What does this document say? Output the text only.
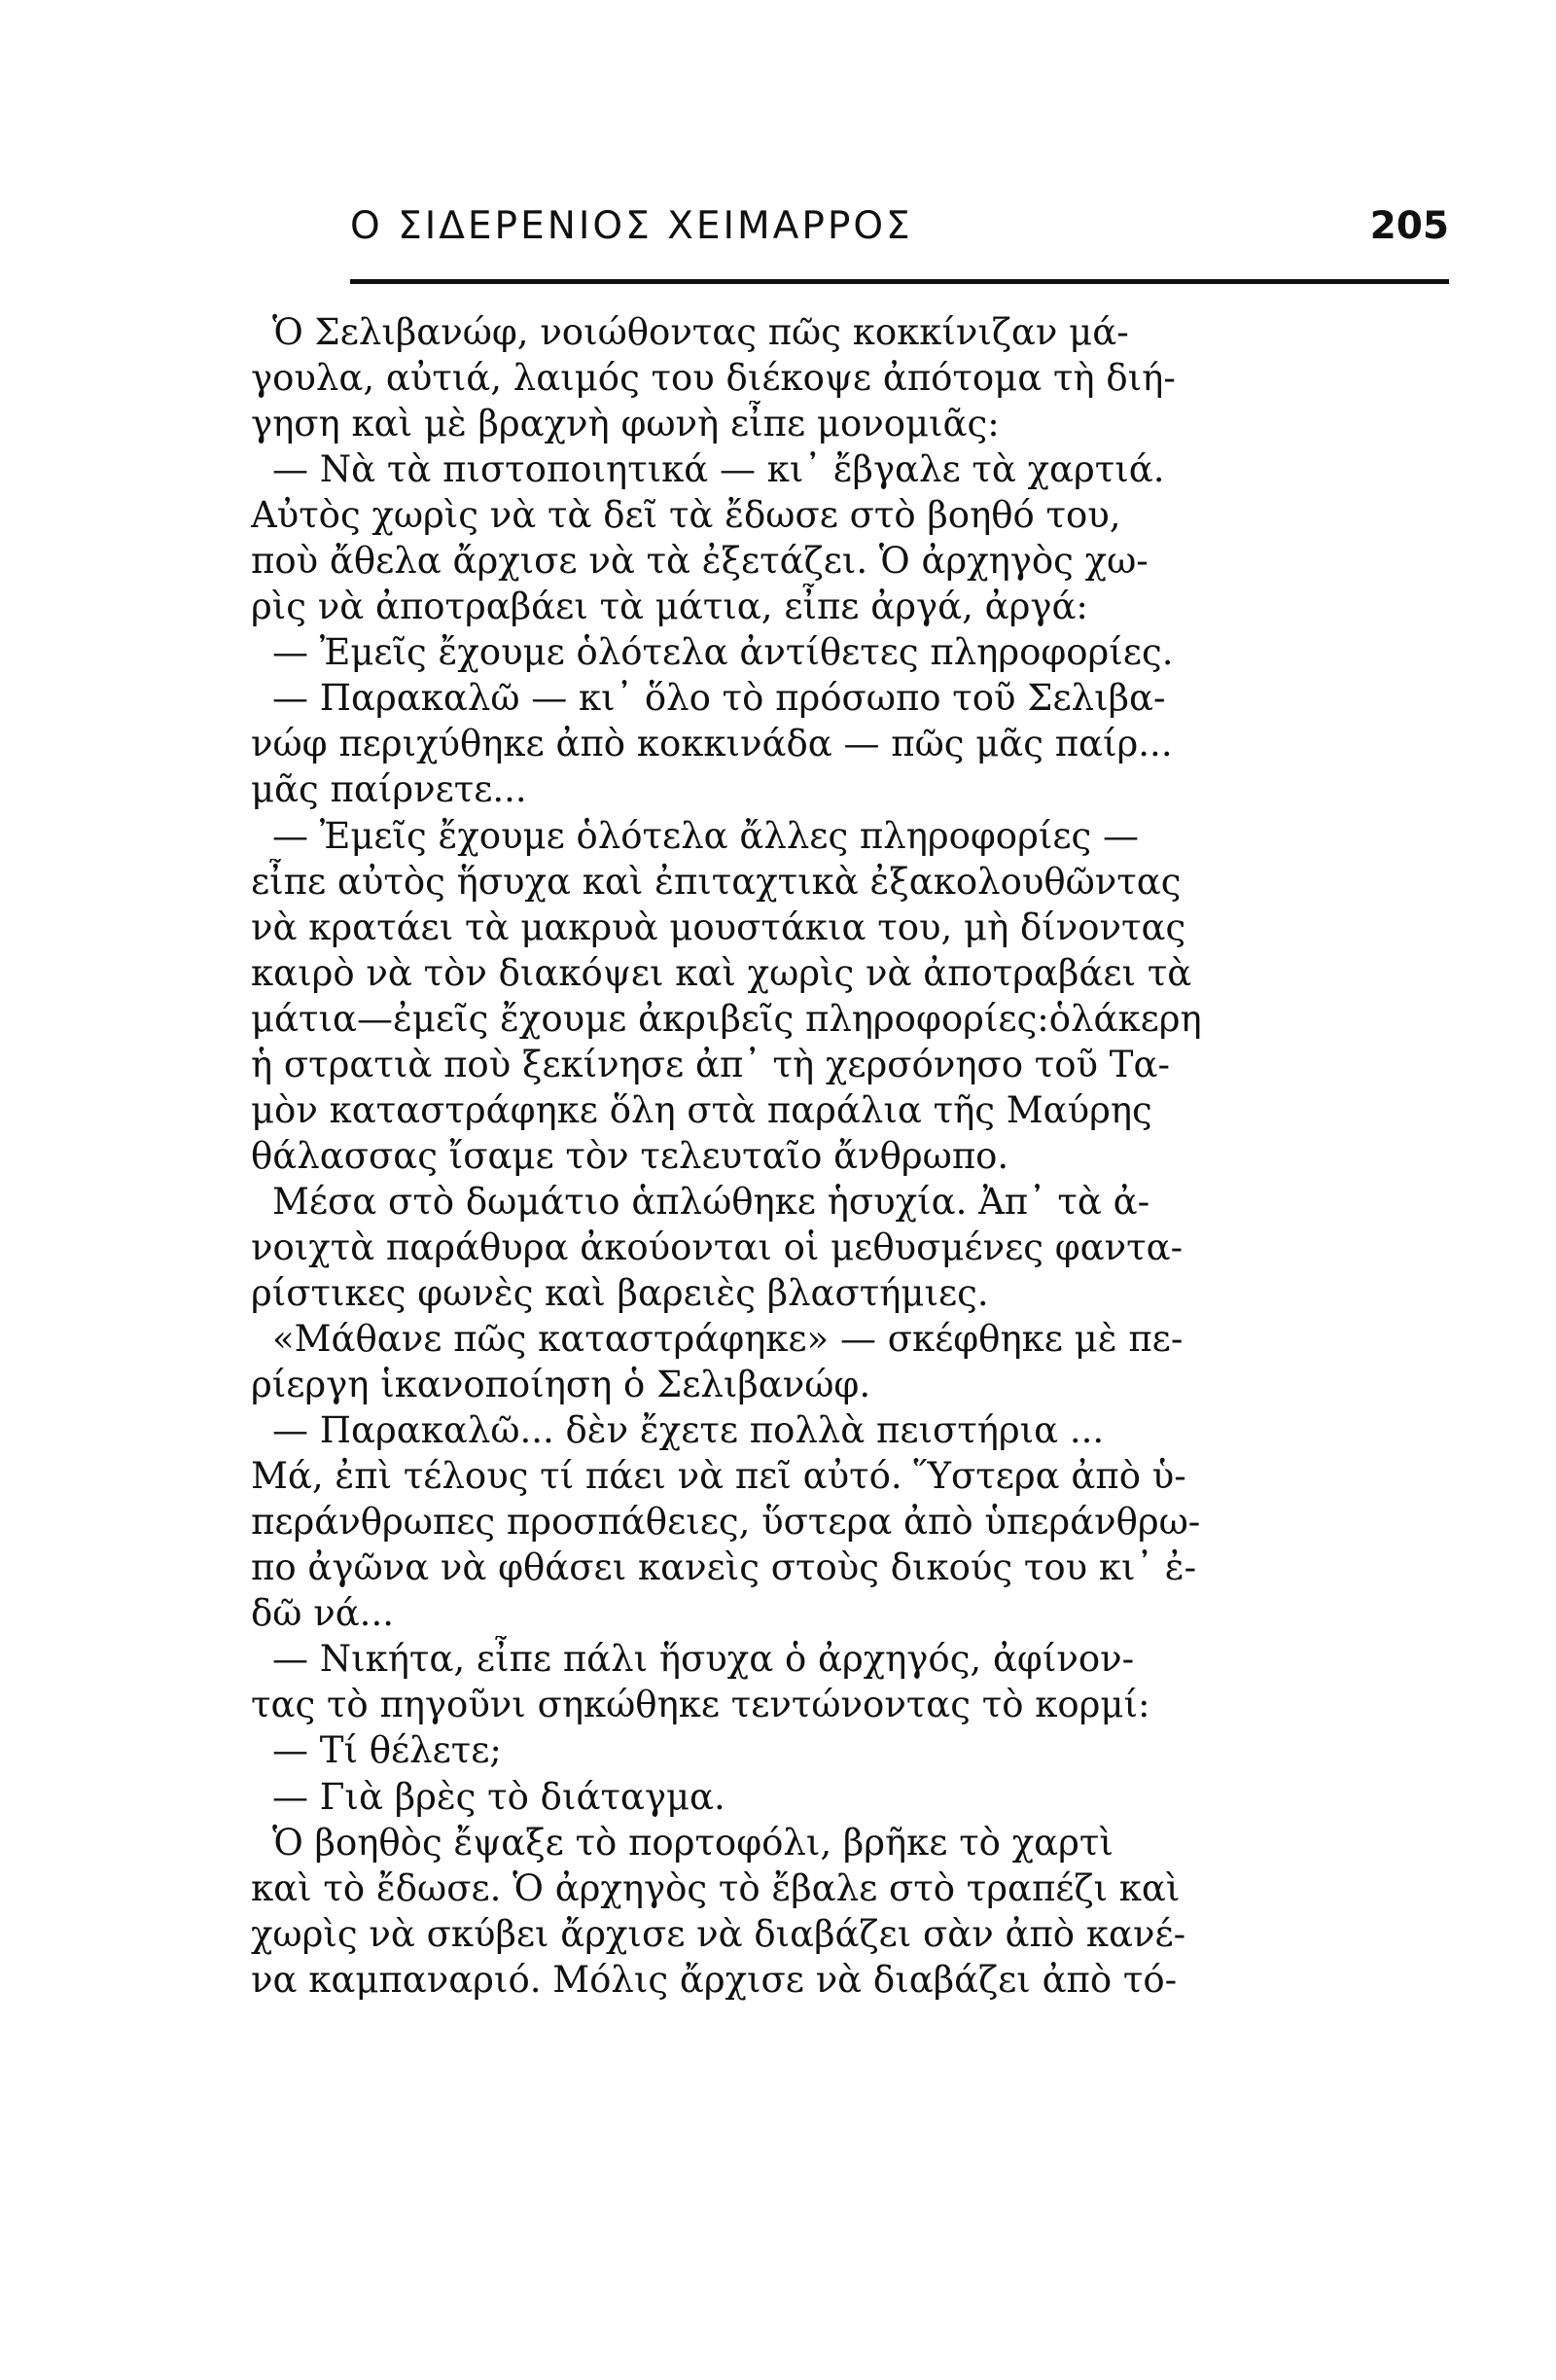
Ο ΣΙΔΕΡΕΝΙΟΣ ΧΕΙΜΑΡΡΟΣ	205
Ὁ Σελιβανώφ, νοιώθοντας πῶς κοκκίνιζαν μά-
γουλα, αὐτιά, λαιμός του διέκοψε ἀπότομα τὴ διή-
γηση καὶ μὲ βραχνὴ φωνὴ εἶπε μονομιᾶς:
— Νὰ τὰ πιστοποιητικά — κι᾽ ἔβγαλε τὰ χαρτιά.
Αὐτὸς χωρὶς νὰ τὰ δεῖ τὰ ἔδωσε στὸ βοηθό του,
ποὺ ἄθελα ἄρχισε νὰ τὰ ἐξετάζει. Ὁ ἀρχηγὸς χω-
ρὶς νὰ ἀποτραβάει τὰ μάτια, εἶπε ἀργά, ἀργά:
— Ἐμεῖς ἔχουμε ὁλότελα ἀντίθετες πληροφορίες.
— Παρακαλῶ — κι᾽ ὅλο τὸ πρόσωπο τοῦ Σελιβα-
νώφ περιχύθηκε ἀπὸ κοκκινάδα — πῶς μᾶς παίρ...
μᾶς παίρνετε...
— Ἐμεῖς ἔχουμε ὁλότελα ἄλλες πληροφορίες —
εἶπε αὐτὸς ἥσυχα καὶ ἐπιταχτικὰ ἐξακολουθῶντας
νὰ κρατάει τὰ μακρυὰ μουστάκια του, μὴ δίνοντας
καιρὸ νὰ τὸν διακόψει καὶ χωρὶς νὰ ἀποτραβάει τὰ
μάτια—ἐμεῖς ἔχουμε ἀκριβεῖς πληροφορίες:ὁλάκερη
ἡ στρατιὰ ποὺ ξεκίνησε ἀπ᾽ τὴ χερσόνησο τοῦ Τα-
μὸν καταστράφηκε ὅλη στὰ παράλια τῆς Μαύρης
θάλασσας ἴσαμε τὸν τελευταῖο ἄνθρωπο.
Μέσα στὸ δωμάτιο ἁπλώθηκε ἡσυχία. Ἀπ᾽ τὰ ἀ-
νοιχτὰ παράθυρα ἀκούονται οἱ μεθυσμένες φαντα-
ρίστικες φωνὲς καὶ βαρειὲς βλαστήμιες.
«Μάθανε πῶς καταστράφηκε» — σκέφθηκε μὲ πε-
ρίεργη ἱκανοποίηση ὁ Σελιβανώφ.
— Παρακαλῶ... δὲν ἔχετε πολλὰ πειστήρια ...
Μά, ἐπὶ τέλους τί πάει νὰ πεῖ αὐτό. Ὕστερα ἀπὸ ὑ-
περάνθρωπες προσπάθειες, ὕστερα ἀπὸ ὑπεράνθρω-
πο ἀγῶνα νὰ φθάσει κανεὶς στοὺς δικούς του κι᾽ ἐ-
δῶ νά...
— Νικήτα, εἶπε πάλι ἥσυχα ὁ ἀρχηγός, ἀφίνον-
τας τὸ πηγοῦνι σηκώθηκε τεντώνοντας τὸ κορμί:
— Τί θέλετε;
— Γιὰ βρὲς τὸ διάταγμα.
Ὁ βοηθὸς ἔψαξε τὸ πορτοφόλι, βρῆκε τὸ χαρτὶ
καὶ τὸ ἔδωσε. Ὁ ἀρχηγὸς τὸ ἔβαλε στὸ τραπέζι καὶ
χωρὶς νὰ σκύβει ἄρχισε νὰ διαβάζει σὰν ἀπὸ κανέ-
να καμπαναριό. Μόλις ἄρχισε νὰ διαβάζει ἀπὸ τό-
